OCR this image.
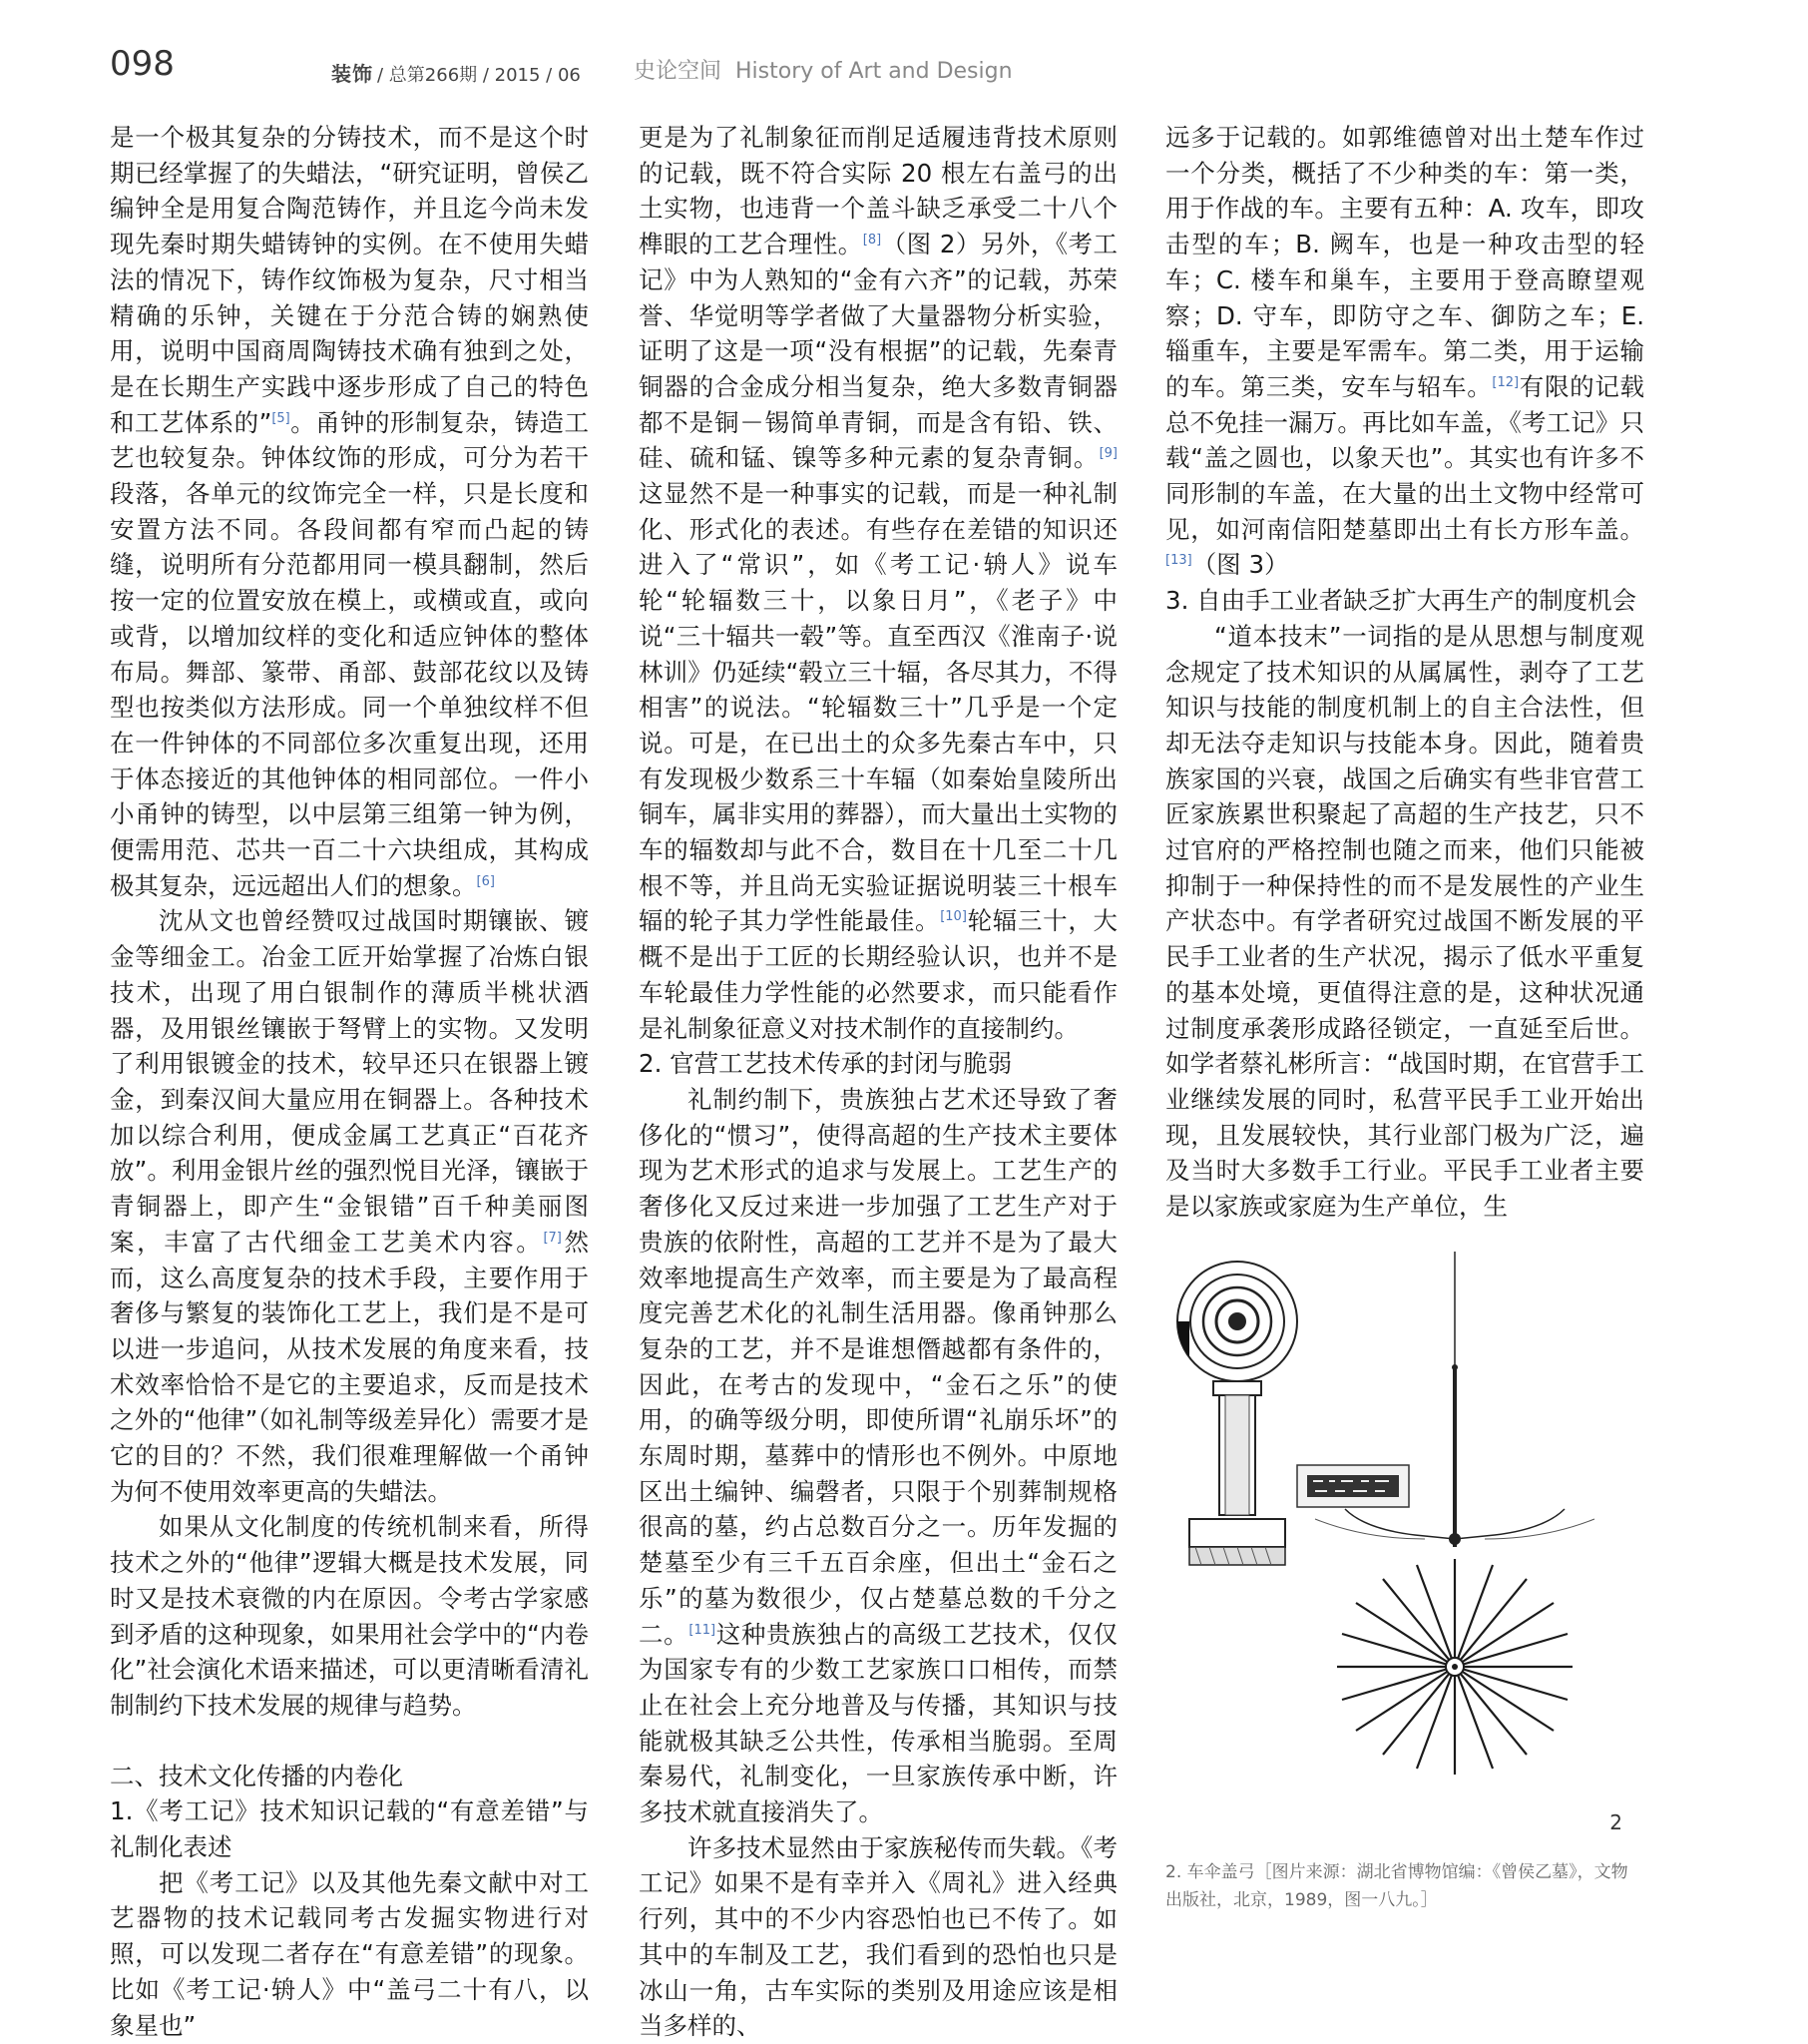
098	装饰 / 总第266期 / 2015 / 06 史论空间 History of Art and Design

是一个极其复杂的分铸技术，而不是这个时期已经掌握了的失蜡法，“研究证明，曾侯乙编钟全是用复合陶范铸作，并且迄今尚未发现先秦时期失蜡铸钟的实例。在不使用失蜡法的情况下，铸作纹饰极为复杂，尺寸相当精确的乐钟，关键在于分范合铸的娴熟使用，说明中国商周陶铸技术确有独到之处，是在长期生产实践中逐步形成了自己的特色和工艺体系的”[5]。甬钟的形制复杂，铸造工艺也较复杂。钟体纹饰的形成，可分为若干段落，各单元的纹饰完全一样，只是长度和安置方法不同。各段间都有窄而凸起的铸缝，说明所有分范都用同一模具翻制，然后按一定的位置安放在模上，或横或直，或向或背，以增加纹样的变化和适应钟体的整体布局。舞部、篆带、甬部、鼓部花纹以及铸型也按类似方法形成。同一个单独纹样不但在一件钟体的不同部位多次重复出现，还用于体态接近的其他钟体的相同部位。一件小小甬钟的铸型，以中层第三组第一钟为例，便需用范、芯共一百二十六块组成，其构成极其复杂，远远超出人们的想象。[6]

沈从文也曾经赞叹过战国时期镶嵌、镀金等细金工。冶金工匠开始掌握了冶炼白银技术，出现了用白银制作的薄质半桃状酒器，及用银丝镶嵌于弩臂上的实物。又发明了利用银镀金的技术，较早还只在银器上镀金，到秦汉间大量应用在铜器上。各种技术加以综合利用，便成金属工艺真正“百花齐放”。利用金银片丝的强烈悦目光泽，镶嵌于青铜器上，即产生“金银错”百千种美丽图案，丰富了古代细金工艺美术内容。[7]然而，这么高度复杂的技术手段，主要作用于奢侈与繁复的装饰化工艺上，我们是不是可以进一步追问，从技术发展的角度来看，技术效率恰恰不是它的主要追求，反而是技术之外的“他律”（如礼制等级差异化）需要才是它的目的？不然，我们很难理解做一个甬钟为何不使用效率更高的失蜡法。

如果从文化制度的传统机制来看，所得技术之外的“他律”逻辑大概是技术发展，同时又是技术衰微的内在原因。令考古学家感到矛盾的这种现象，如果用社会学中的“内卷化”社会演化术语来描述，可以更清晰看清礼制制约下技术发展的规律与趋势。

二、技术文化传播的内卷化
1.《考工记》技术知识记载的“有意差错”与礼制化表述

把《考工记》以及其他先秦文献中对工艺器物的技术记载同考古发掘实物进行对照，可以发现二者存在“有意差错”的现象。比如《考工记·辀人》中“盖弓二十有八，以象星也”

更是为了礼制象征而削足适履违背技术原则的记载，既不符合实际 20 根左右盖弓的出土实物，也违背一个盖斗缺乏承受二十八个榫眼的工艺合理性。[8]（图 2）另外，《考工记》中为人熟知的“金有六齐”的记载，苏荣誉、华觉明等学者做了大量器物分析实验，证明了这是一项“没有根据”的记载，先秦青铜器的合金成分相当复杂，绝大多数青铜器都不是铜－锡简单青铜，而是含有铅、铁、硅、硫和锰、镍等多种元素的复杂青铜。[9]这显然不是一种事实的记载，而是一种礼制化、形式化的表述。有些存在差错的知识还进入了“常识”，如《考工记·辀人》说车轮“轮辐数三十，以象日月”，《老子》中说“三十辐共一毂”等。直至西汉《淮南子·说林训》仍延续“毂立三十辐，各尽其力，不得相害”的说法。“轮辐数三十”几乎是一个定说。可是，在已出土的众多先秦古车中，只有发现极少数系三十车辐（如秦始皇陵所出铜车，属非实用的葬器），而大量出土实物的车的辐数却与此不合，数目在十几至二十几根不等，并且尚无实验证据说明装三十根车辐的轮子其力学性能最佳。[10]轮辐三十，大概不是出于工匠的长期经验认识，也并不是车轮最佳力学性能的必然要求，而只能看作是礼制象征意义对技术制作的直接制约。

2. 官营工艺技术传承的封闭与脆弱

礼制约制下，贵族独占艺术还导致了奢侈化的“惯习”，使得高超的生产技术主要体现为艺术形式的追求与发展上。工艺生产的奢侈化又反过来进一步加强了工艺生产对于贵族的依附性，高超的工艺并不是为了最大效率地提高生产效率，而主要是为了最高程度完善艺术化的礼制生活用器。像甬钟那么复杂的工艺，并不是谁想僭越都有条件的，因此，在考古的发现中，“金石之乐”的使用，的确等级分明，即使所谓“礼崩乐坏”的东周时期，墓葬中的情形也不例外。中原地区出土编钟、编磬者，只限于个别葬制规格很高的墓，约占总数百分之一。历年发掘的楚墓至少有三千五百余座，但出土“金石之乐”的墓为数很少，仅占楚墓总数的千分之二。[11]这种贵族独占的高级工艺技术，仅仅为国家专有的少数工艺家族口口相传，而禁止在社会上充分地普及与传播，其知识与技能就极其缺乏公共性，传承相当脆弱。至周秦易代，礼制变化，一旦家族传承中断，许多技术就直接消失了。

许多技术显然由于家族秘传而失载。《考工记》如果不是有幸并入《周礼》进入经典行列，其中的不少内容恐怕也已不传了。如其中的车制及工艺，我们看到的恐怕也只是冰山一角，古车实际的类别及用途应该是相当多样的、

远多于记载的。如郭维德曾对出土楚车作过一个分类，概括了不少种类的车：第一类，用于作战的车。主要有五种：A. 攻车，即攻击型的车；B. 阙车，也是一种攻击型的轻车；C. 楼车和巢车，主要用于登高瞭望观察；D. 守车，即防守之车、御防之车；E. 辎重车，主要是军需车。第二类，用于运输的车。第三类，安车与轺车。[12]有限的记载总不免挂一漏万。再比如车盖，《考工记》只载“盖之圆也，以象天也”。其实也有许多不同形制的车盖，在大量的出土文物中经常可见，如河南信阳楚墓即出土有长方形车盖。[13]（图 3）

3. 自由手工业者缺乏扩大再生产的制度机会

“道本技末”一词指的是从思想与制度观念规定了技术知识的从属属性，剥夺了工艺知识与技能的制度机制上的自主合法性，但却无法夺走知识与技能本身。因此，随着贵族家国的兴衰，战国之后确实有些非官营工匠家族累世积聚起了高超的生产技艺，只不过官府的严格控制也随之而来，他们只能被抑制于一种保持性的而不是发展性的产业生产状态中。有学者研究过战国不断发展的平民手工业者的生产状况，揭示了低水平重复的基本处境，更值得注意的是，这种状况通过制度承袭形成路径锁定，一直延至后世。如学者蔡礼彬所言：“战国时期，在官营手工业继续发展的同时，私营平民手工业开始出现，且发展较快，其行业部门极为广泛，遍及当时大多数手工行业。平民手工业者主要是以家族或家庭为生产单位，生

2
2. 车伞盖弓［图片来源：湖北省博物馆编：《曾侯乙墓》，文物出版社，北京，1989，图一八九。］
